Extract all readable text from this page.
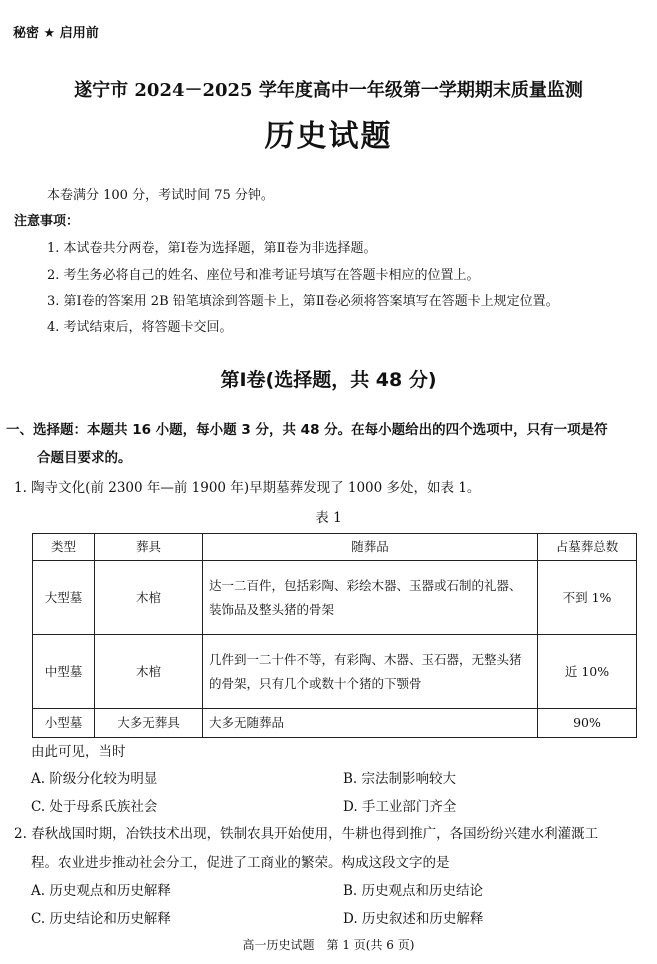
秘密 ★ 启用前
遂宁市 2024－2025 学年度高中一年级第一学期期末质量监测
历史试题
本卷满分 100 分，考试时间 75 分钟。
注意事项：
1. 本试卷共分两卷，第Ⅰ卷为选择题，第Ⅱ卷为非选择题。
2. 考生务必将自己的姓名、座位号和准考证号填写在答题卡相应的位置上。
3. 第Ⅰ卷的答案用 2B 铅笔填涂到答题卡上，第Ⅱ卷必须将答案填写在答题卡上规定位置。
4. 考试结束后，将答题卡交回。
第Ⅰ卷(选择题，共 48 分)
一、选择题：本题共 16 小题，每小题 3 分，共 48 分。在每小题给出的四个选项中，只有一项是符
合题目要求的。
1. 陶寺文化(前 2300 年—前 1900 年)早期墓葬发现了 1000 多处，如表 1。
表 1
类型	葬具	随葬品	占墓葬总数
大型墓	木棺	达一二百件，包括彩陶、彩绘木器、玉器或石制的礼器、装饰品及整头猪的骨架	不到 1%
中型墓	木棺	几件到一二十件不等，有彩陶、木器、玉石器，无整头猪的骨架，只有几个或数十个猪的下颚骨	近 10%
小型墓	大多无葬具	大多无随葬品	90%
由此可见，当时
A. 阶级分化较为明显	B. 宗法制影响较大
C. 处于母系氏族社会	D. 手工业部门齐全
2. 春秋战国时期，冶铁技术出现，铁制农具开始使用，牛耕也得到推广，各国纷纷兴建水利灌溉工
程。农业进步推动社会分工，促进了工商业的繁荣。构成这段文字的是
A. 历史观点和历史解释	B. 历史观点和历史结论
C. 历史结论和历史解释	D. 历史叙述和历史解释
高一历史试题　第 1 页(共 6 页)
